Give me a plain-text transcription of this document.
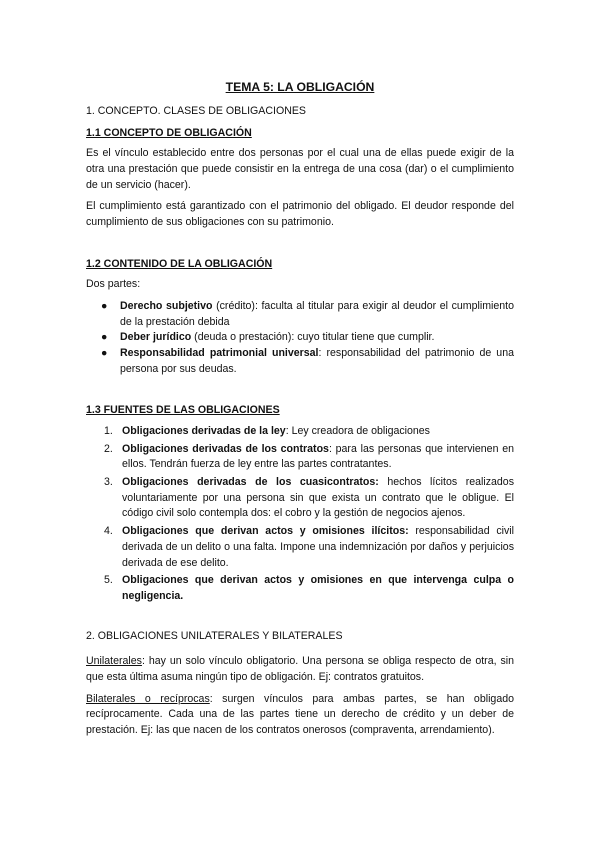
TEMA 5: LA OBLIGACIÓN
1. CONCEPTO. CLASES DE OBLIGACIONES
1.1 CONCEPTO DE OBLIGACIÓN

Es el vínculo establecido entre dos personas por el cual una de ellas puede exigir de la otra una prestación que puede consistir en la entrega de una cosa (dar) o el cumplimiento de un servicio (hacer).

El cumplimiento está garantizado con el patrimonio del obligado. El deudor responde del cumplimiento de sus obligaciones con su patrimonio.

1.2 CONTENIDO DE LA OBLIGACIÓN

Dos partes:

● Derecho subjetivo (crédito): faculta al titular para exigir al deudor el cumplimiento de la prestación debida
● Deber jurídico (deuda o prestación): cuyo titular tiene que cumplir.
● Responsabilidad patrimonial universal: responsabilidad del patrimonio de una persona por sus deudas.
1.3 FUENTES DE LAS OBLIGACIONES
1. Obligaciones derivadas de la ley: Ley creadora de obligaciones
2. Obligaciones derivadas de los contratos: para las personas que intervienen en ellos. Tendrán fuerza de ley entre las partes contratantes.
3. Obligaciones derivadas de los cuasicontratos: hechos lícitos realizados voluntariamente por una persona sin que exista un contrato que le obligue. El código civil solo contempla dos: el cobro y la gestión de negocios ajenos.
4. Obligaciones que derivan actos y omisiones ilícitos: responsabilidad civil derivada de un delito o una falta. Impone una indemnización por daños y perjuicios derivada de ese delito.
5. Obligaciones que derivan actos y omisiones en que intervenga culpa o negligencia.
2. OBLIGACIONES UNILATERALES Y BILATERALES

Unilaterales: hay un solo vínculo obligatorio. Una persona se obliga respecto de otra, sin que esta última asuma ningún tipo de obligación. Ej: contratos gratuitos.

Bilaterales o recíprocas: surgen vínculos para ambas partes, se han obligado recíprocamente. Cada una de las partes tiene un derecho de crédito y un deber de prestación. Ej: las que nacen de los contratos onerosos (compraventa, arrendamiento).
